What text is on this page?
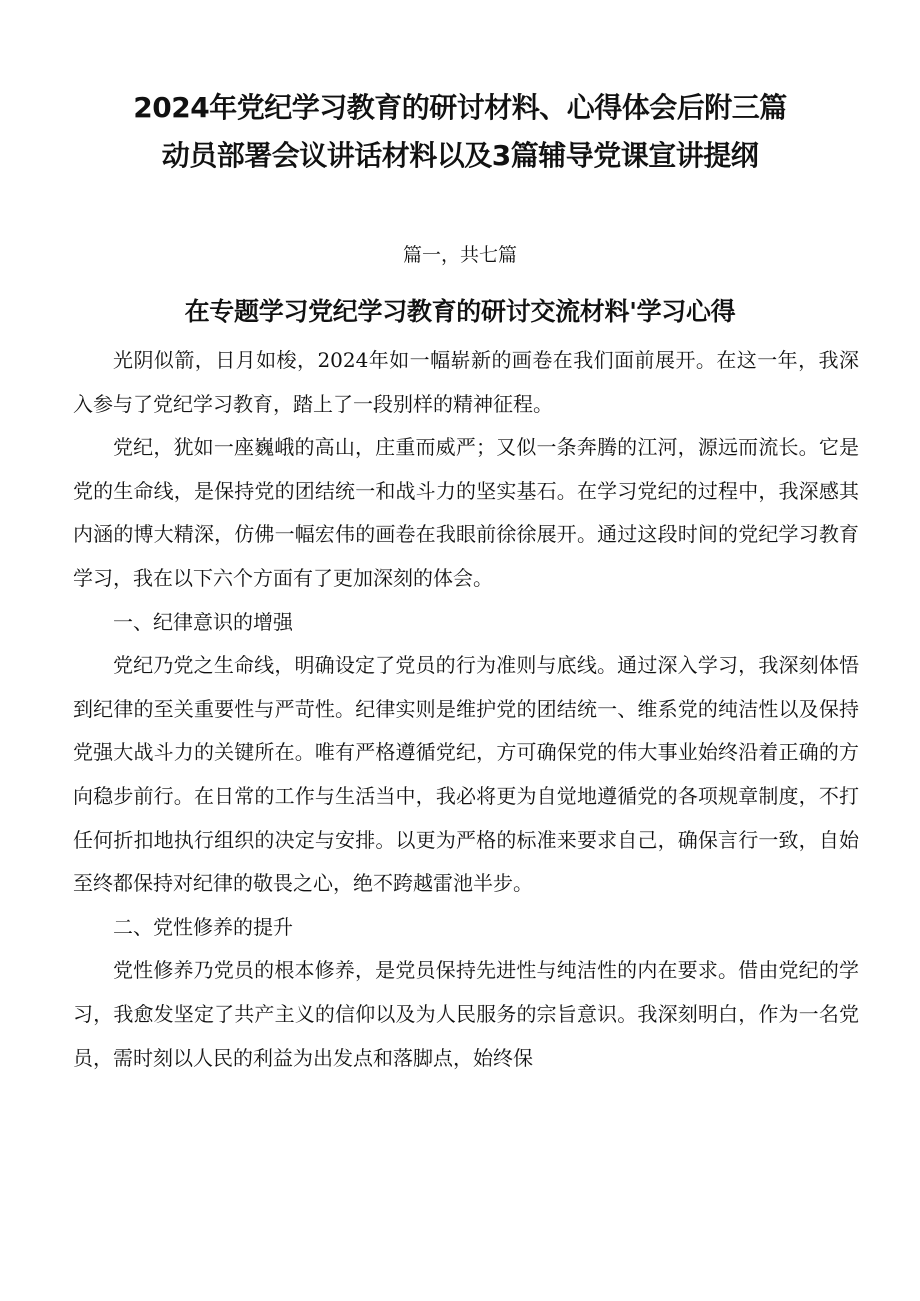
2024年党纪学习教育的研讨材料、心得体会后附三篇
动员部署会议讲话材料以及3篇辅导党课宣讲提纲
篇一，共七篇
在专题学习党纪学习教育的研讨交流材料'学习心得

光阴似箭，日月如梭，2024年如一幅崭新的画卷在我们面前展开。在这一年，我深入参与了党纪学习教育，踏上了一段别样的精神征程。

党纪，犹如一座巍峨的高山，庄重而威严；又似一条奔腾的江河，源远而流长。它是党的生命线，是保持党的团结统一和战斗力的坚实基石。在学习党纪的过程中，我深感其内涵的博大精深，仿佛一幅宏伟的画卷在我眼前徐徐展开。通过这段时间的党纪学习教育学习，我在以下六个方面有了更加深刻的体会。

一、纪律意识的增强

党纪乃党之生命线，明确设定了党员的行为准则与底线。通过深入学习，我深刻体悟到纪律的至关重要性与严苛性。纪律实则是维护党的团结统一、维系党的纯洁性以及保持党强大战斗力的关键所在。唯有严格遵循党纪，方可确保党的伟大事业始终沿着正确的方向稳步前行。在日常的工作与生活当中，我必将更为自觉地遵循党的各项规章制度，不打任何折扣地执行组织的决定与安排。以更为严格的标准来要求自己，确保言行一致，自始至终都保持对纪律的敬畏之心，绝不跨越雷池半步。

二、党性修养的提升

党性修养乃党员的根本修养，是党员保持先进性与纯洁性的内在要求。借由党纪的学习，我愈发坚定了共产主义的信仰以及为人民服务的宗旨意识。我深刻明白，作为一名党员，需时刻以人民的利益为出发点和落脚点，始终保
